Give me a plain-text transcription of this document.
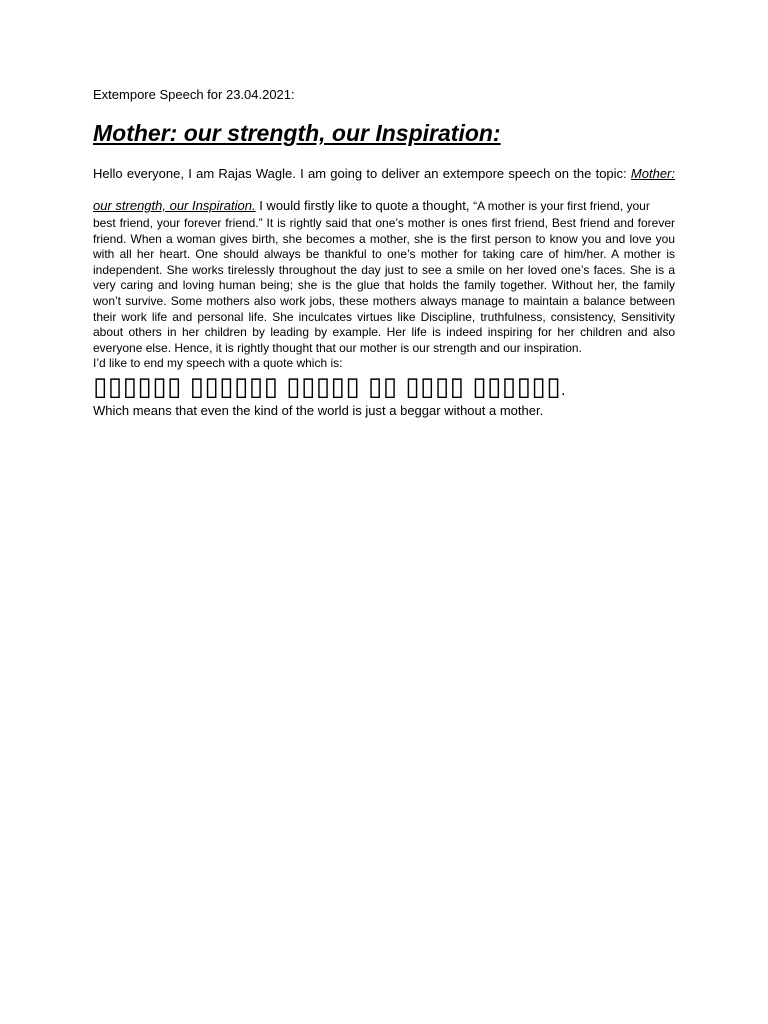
Extempore Speech for 23.04.2021:

Mother: our strength, our Inspiration:

Hello everyone, I am Rajas Wagle. I am going to deliver an extempore speech on the topic: Mother: our strength, our Inspiration. I would firstly like to quote a thought, “A mother is your first friend, your

best friend, your forever friend.” It is rightly said that one’s mother is ones first friend, Best friend and forever friend. When a woman gives birth, she becomes a mother, she is the first person to know you and love you with all her heart. One should always be thankful to one’s mother for taking care of him/her. A mother is independent. She works tirelessly throughout the day just to see a smile on her loved one’s faces. She is a very caring and loving human being; she is the glue that holds the family together. Without her, the family won’t survive. Some mothers also work jobs, these mothers always manage to maintain a balance between their work life and personal life. She inculcates virtues like Discipline, truthfulness, consistency, Sensitivity about others in her children by leading by example. Her life is indeed inspiring for her children and also everyone else. Hence, it is rightly thought that our mother is our strength and our inspiration.

I’d like to end my speech with a quote which is:

▯▯▯▯▯▯ ▯▯▯▯▯▯ ▯▯▯▯▯ ▯▯ ▯▯▯▯ ▯▯▯▯▯▯.

Which means that even the kind of the world is just a beggar without a mother.
